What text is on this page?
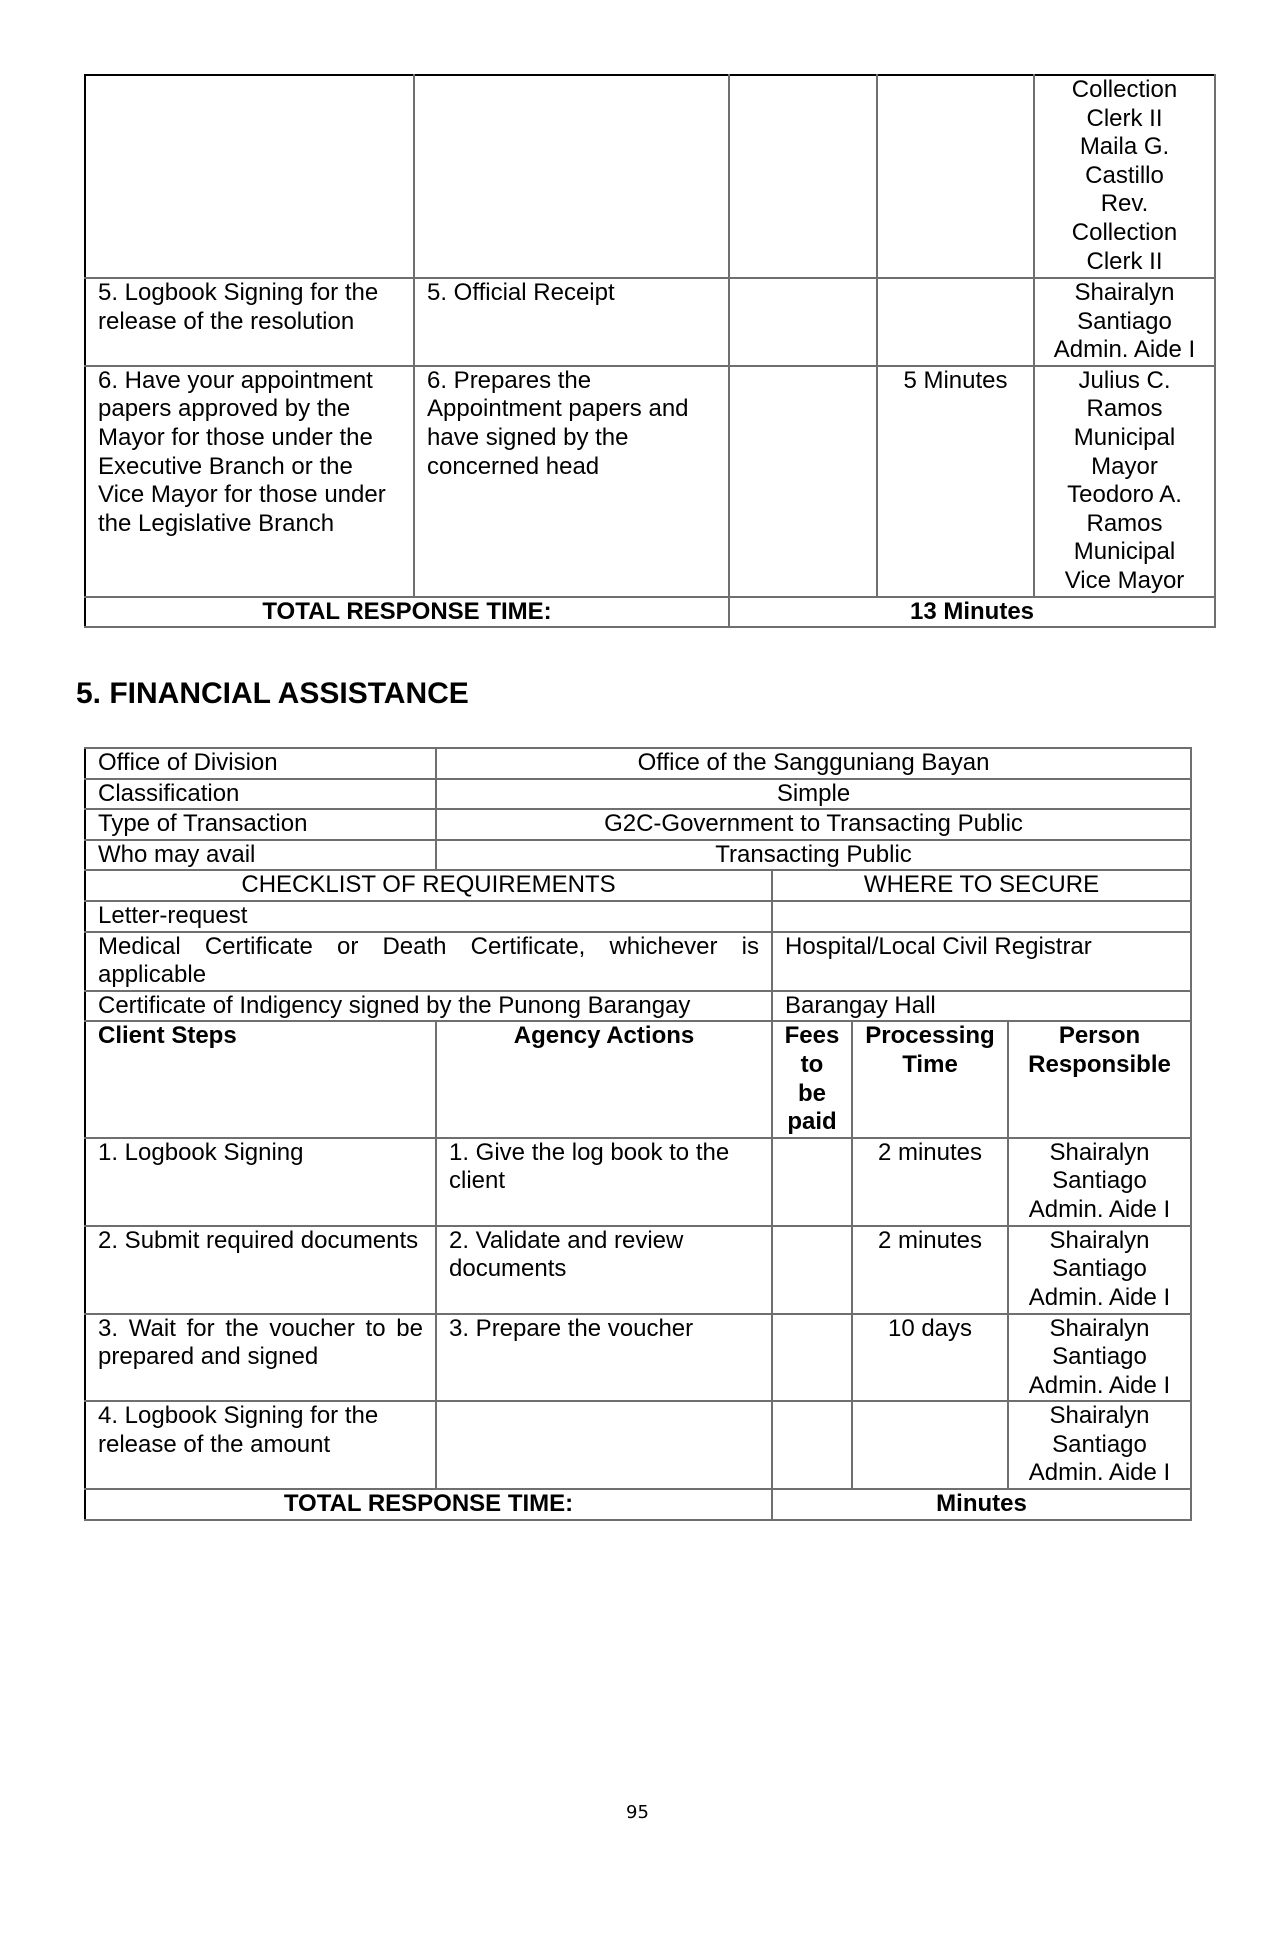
Collection
Clerk II
Maila G.
Castillo
Rev.
Collection
Clerk II

5. Logbook Signing for the release of the resolution	5. Official Receipt			Shairalyn
Santiago
Admin. Aide I

6. Have your appointment papers approved by the Mayor for those under the Executive Branch or the Vice Mayor for those under the Legislative Branch	6. Prepares the Appointment papers and have signed by the concerned head		5 Minutes	Julius C.
Ramos
Municipal
Mayor
Teodoro A.
Ramos
Municipal
Vice Mayor

TOTAL RESPONSE TIME:		13 Minutes		
5. FINANCIAL ASSISTANCE
Office of Division	Office of the Sangguniang Bayan			
Classification	Simple			
Type of Transaction	G2C-Government to Transacting Public			
Who may avail	Transacting Public			
CHECKLIST OF REQUIREMENTS		WHERE TO SECURE		
Letter-request				
Medical Certificate or Death Certificate, whichever is applicable		Hospital/Local Civil Registrar		
Certificate of Indigency signed by the Punong Barangay		Barangay Hall		
Client Steps	Agency Actions	Fees
to
be
paid	Processing
Time	Person
Responsible

1. Logbook Signing	1. Give the log book to the client		2 minutes	Shairalyn
Santiago
Admin. Aide I

2. Submit required documents	2. Validate and review documents		2 minutes	Shairalyn
Santiago
Admin. Aide I

3. Wait for the voucher to be prepared and signed	3. Prepare the voucher		10 days	Shairalyn
Santiago
Admin. Aide I

4. Logbook Signing for the release of the amount				Shairalyn
Santiago
Admin. Aide I

TOTAL RESPONSE TIME:		Minutes		
95
